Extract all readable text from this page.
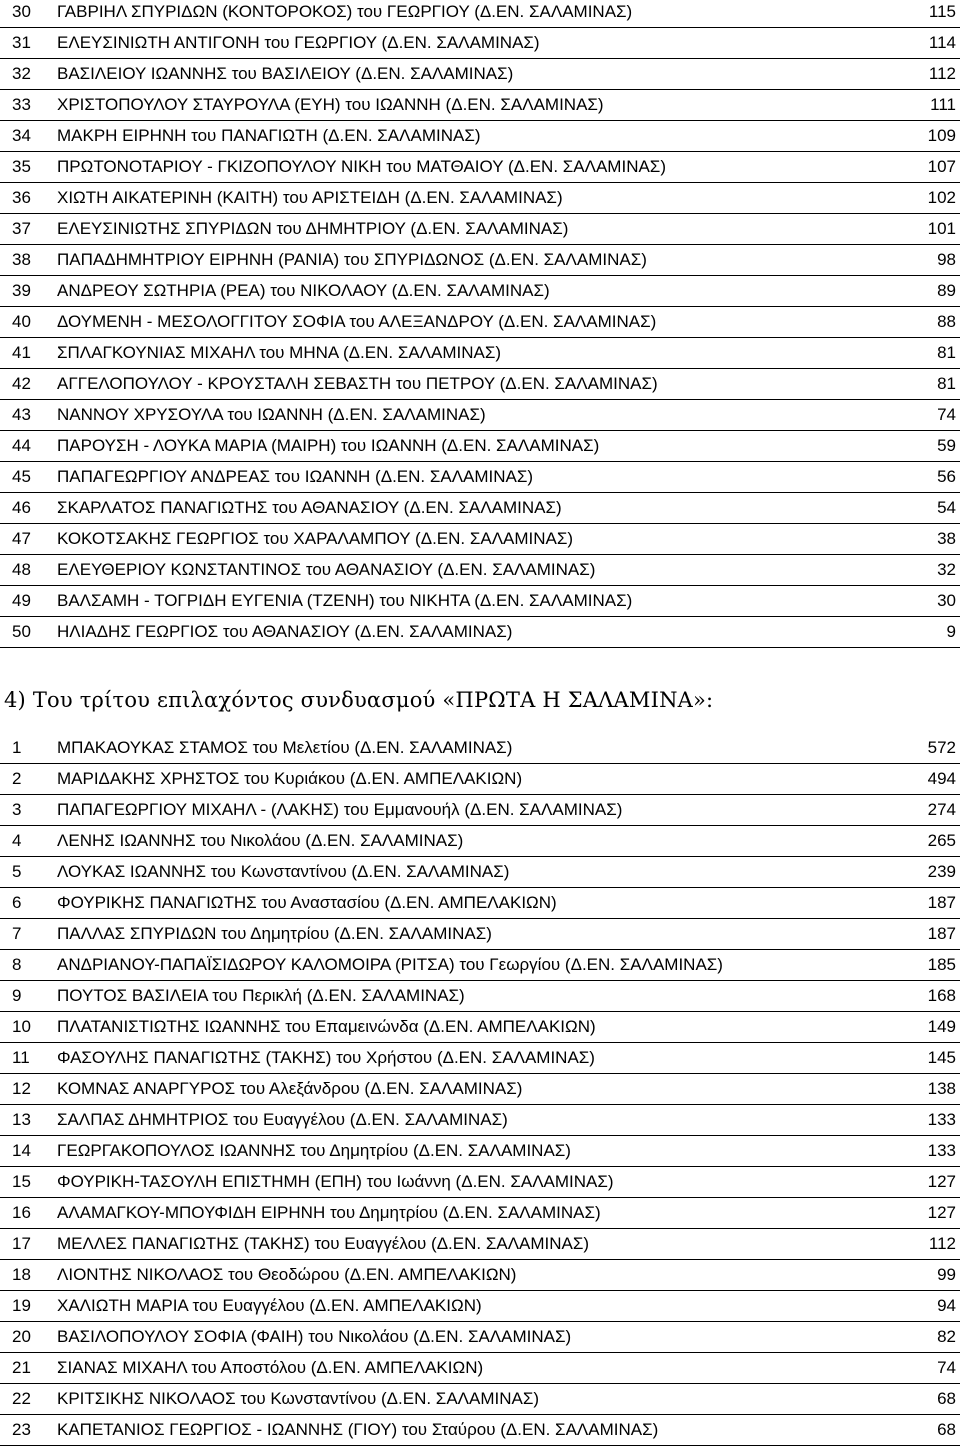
30 ΓΑΒΡΙΗΛ ΣΠΥΡΙΔΩΝ (ΚΟΝΤΟΡΟΚΟΣ) του ΓΕΩΡΓΙΟΥ (Δ.ΕΝ. ΣΑΛΑΜΙΝΑΣ)	115
31 ΕΛΕΥΣΙΝΙΩΤΗ ΑΝΤΙΓΟΝΗ του ΓΕΩΡΓΙΟΥ (Δ.ΕΝ. ΣΑΛΑΜΙΝΑΣ)	114
32 ΒΑΣΙΛΕΙΟΥ ΙΩΑΝΝΗΣ του ΒΑΣΙΛΕΙΟΥ (Δ.ΕΝ. ΣΑΛΑΜΙΝΑΣ)	112
33 ΧΡΙΣΤΟΠΟΥΛΟΥ ΣΤΑΥΡΟΥΛΑ (ΕΥΗ) του ΙΩΑΝΝΗ (Δ.ΕΝ. ΣΑΛΑΜΙΝΑΣ)	111
34 ΜΑΚΡΗ ΕΙΡΗΝΗ του ΠΑΝΑΓΙΩΤΗ (Δ.ΕΝ. ΣΑΛΑΜΙΝΑΣ)	109
35 ΠΡΩΤΟΝΟΤΑΡΙΟΥ - ΓΚΙΖΟΠΟΥΛΟΥ ΝΙΚΗ του ΜΑΤΘΑΙΟΥ (Δ.ΕΝ. ΣΑΛΑΜΙΝΑΣ)	107
36 ΧΙΩΤΗ ΑΙΚΑΤΕΡΙΝΗ (ΚΑΙΤΗ) του ΑΡΙΣΤΕΙΔΗ (Δ.ΕΝ. ΣΑΛΑΜΙΝΑΣ)	102
37 ΕΛΕΥΣΙΝΙΩΤΗΣ ΣΠΥΡΙΔΩΝ του ΔΗΜΗΤΡΙΟΥ (Δ.ΕΝ. ΣΑΛΑΜΙΝΑΣ)	101
38 ΠΑΠΑΔΗΜΗΤΡΙΟΥ ΕΙΡΗΝΗ (ΡΑΝΙΑ) του ΣΠΥΡΙΔΩΝΟΣ (Δ.ΕΝ. ΣΑΛΑΜΙΝΑΣ)	98
39 ΑΝΔΡΕΟΥ ΣΩΤΗΡΙΑ (ΡΕΑ) του ΝΙΚΟΛΑΟΥ (Δ.ΕΝ. ΣΑΛΑΜΙΝΑΣ)	89
40 ΔΟΥΜΕΝΗ - ΜΕΣΟΛΟΓΓΙΤΟΥ ΣΟΦΙΑ του ΑΛΕΞΑΝΔΡΟΥ (Δ.ΕΝ. ΣΑΛΑΜΙΝΑΣ)	88
41 ΣΠΛΑΓΚΟΥΝΙΑΣ ΜΙΧΑΗΛ του ΜΗΝΑ (Δ.ΕΝ. ΣΑΛΑΜΙΝΑΣ)	81
42 ΑΓΓΕΛΟΠΟΥΛΟΥ - ΚΡΟΥΣΤΑΛΗ ΣΕΒΑΣΤΗ του ΠΕΤΡΟΥ (Δ.ΕΝ. ΣΑΛΑΜΙΝΑΣ)	81
43 ΝΑΝΝΟΥ ΧΡΥΣΟΥΛΑ του ΙΩΑΝΝΗ (Δ.ΕΝ. ΣΑΛΑΜΙΝΑΣ)	74
44 ΠΑΡΟΥΣΗ - ΛΟΥΚΑ ΜΑΡΙΑ (ΜΑΙΡΗ) του ΙΩΑΝΝΗ (Δ.ΕΝ. ΣΑΛΑΜΙΝΑΣ)	59
45 ΠΑΠΑΓΕΩΡΓΙΟΥ ΑΝΔΡΕΑΣ του ΙΩΑΝΝΗ (Δ.ΕΝ. ΣΑΛΑΜΙΝΑΣ)	56
46 ΣΚΑΡΛΑΤΟΣ ΠΑΝΑΓΙΩΤΗΣ του ΑΘΑΝΑΣΙΟΥ (Δ.ΕΝ. ΣΑΛΑΜΙΝΑΣ)	54
47 ΚΟΚΟΤΣΑΚΗΣ ΓΕΩΡΓΙΟΣ του ΧΑΡΑΛΑΜΠΟΥ (Δ.ΕΝ. ΣΑΛΑΜΙΝΑΣ)	38
48 ΕΛΕΥΘΕΡΙΟΥ ΚΩΝΣΤΑΝΤΙΝΟΣ του ΑΘΑΝΑΣΙΟΥ (Δ.ΕΝ. ΣΑΛΑΜΙΝΑΣ)	32
49 ΒΑΛΣΑΜΗ - ΤΟΓΡΙΔΗ ΕΥΓΕΝΙΑ (ΤΖΕΝΗ) του ΝΙΚΗΤΑ (Δ.ΕΝ. ΣΑΛΑΜΙΝΑΣ)	30
50 ΗΛΙΑΔΗΣ ΓΕΩΡΓΙΟΣ του ΑΘΑΝΑΣΙΟΥ (Δ.ΕΝ. ΣΑΛΑΜΙΝΑΣ)	9
4) Του τρίτου επιλαχόντος συνδυασμού «ΠΡΩΤΑ Η ΣΑΛΑΜΙΝΑ»:
1 ΜΠΑΚΑΟΥΚΑΣ ΣΤΑΜΟΣ του Μελετίου (Δ.ΕΝ. ΣΑΛΑΜΙΝΑΣ)	572
2 ΜΑΡΙΔΑΚΗΣ ΧΡΗΣΤΟΣ του Κυριάκου (Δ.ΕΝ. ΑΜΠΕΛΑΚΙΩΝ)	494
3 ΠΑΠΑΓΕΩΡΓΙΟΥ ΜΙΧΑΗΛ - (ΛΑΚΗΣ) του Εμμανουήλ (Δ.ΕΝ. ΣΑΛΑΜΙΝΑΣ)	274
4 ΛΕΝΗΣ ΙΩΑΝΝΗΣ του Νικολάου (Δ.ΕΝ. ΣΑΛΑΜΙΝΑΣ)	265
5 ΛΟΥΚΑΣ ΙΩΑΝΝΗΣ του Κωνσταντίνου (Δ.ΕΝ. ΣΑΛΑΜΙΝΑΣ)	239
6 ΦΟΥΡΙΚΗΣ ΠΑΝΑΓΙΩΤΗΣ του Αναστασίου (Δ.ΕΝ. ΑΜΠΕΛΑΚΙΩΝ)	187
7 ΠΑΛΛΑΣ ΣΠΥΡΙΔΩΝ του Δημητρίου (Δ.ΕΝ. ΣΑΛΑΜΙΝΑΣ)	187
8 ΑΝΔΡΙΑΝΟΥ-ΠΑΠΑΪΣΙΔΩΡΟΥ ΚΑΛΟΜΟΙΡΑ (ΡΙΤΣΑ) του Γεωργίου (Δ.ΕΝ. ΣΑΛΑΜΙΝΑΣ)	185
9 ΠΟΥΤΟΣ ΒΑΣΙΛΕΙΑ του Περικλή (Δ.ΕΝ. ΣΑΛΑΜΙΝΑΣ)	168
10 ΠΛΑΤΑΝΙΣΤΙΩΤΗΣ ΙΩΑΝΝΗΣ του Επαμεινώνδα (Δ.ΕΝ. ΑΜΠΕΛΑΚΙΩΝ)	149
11 ΦΑΣΟΥΛΗΣ ΠΑΝΑΓΙΩΤΗΣ (ΤΑΚΗΣ) του Χρήστου (Δ.ΕΝ. ΣΑΛΑΜΙΝΑΣ)	145
12 ΚΟΜΝΑΣ ΑΝΑΡΓΥΡΟΣ του Αλεξάνδρου (Δ.ΕΝ. ΣΑΛΑΜΙΝΑΣ)	138
13 ΣΑΛΠΑΣ ΔΗΜΗΤΡΙΟΣ του Ευαγγέλου (Δ.ΕΝ. ΣΑΛΑΜΙΝΑΣ)	133
14 ΓΕΩΡΓΑΚΟΠΟΥΛΟΣ ΙΩΑΝΝΗΣ του Δημητρίου (Δ.ΕΝ. ΣΑΛΑΜΙΝΑΣ)	133
15 ΦΟΥΡΙΚΗ-ΤΑΣΟΥΛΗ ΕΠΙΣΤΗΜΗ (ΕΠΗ) του Ιωάννη (Δ.ΕΝ. ΣΑΛΑΜΙΝΑΣ)	127
16 ΑΛΑΜΑΓΚΟΥ-ΜΠΟΥΦΙΔΗ ΕΙΡΗΝΗ του Δημητρίου (Δ.ΕΝ. ΣΑΛΑΜΙΝΑΣ)	127
17 ΜΕΛΛΕΣ ΠΑΝΑΓΙΩΤΗΣ (ΤΑΚΗΣ) του Ευαγγέλου (Δ.ΕΝ. ΣΑΛΑΜΙΝΑΣ)	112
18 ΛΙΟΝΤΗΣ ΝΙΚΟΛΑΟΣ του Θεοδώρου (Δ.ΕΝ. ΑΜΠΕΛΑΚΙΩΝ)	99
19 ΧΑΛΙΩΤΗ ΜΑΡΙΑ του Ευαγγέλου (Δ.ΕΝ. ΑΜΠΕΛΑΚΙΩΝ)	94
20 ΒΑΣΙΛΟΠΟΥΛΟΥ ΣΟΦΙΑ (ΦΑΙΗ) του Νικολάου (Δ.ΕΝ. ΣΑΛΑΜΙΝΑΣ)	82
21 ΣΙΑΝΑΣ ΜΙΧΑΗΛ του Αποστόλου (Δ.ΕΝ. ΑΜΠΕΛΑΚΙΩΝ)	74
22 ΚΡΙΤΣΙΚΗΣ ΝΙΚΟΛΑΟΣ του Κωνσταντίνου (Δ.ΕΝ. ΣΑΛΑΜΙΝΑΣ)	68
23 ΚΑΠΕΤΑΝΙΟΣ ΓΕΩΡΓΙΟΣ - ΙΩΑΝΝΗΣ (ΓΙΟΥ) του Σταύρου (Δ.ΕΝ. ΣΑΛΑΜΙΝΑΣ)	68
